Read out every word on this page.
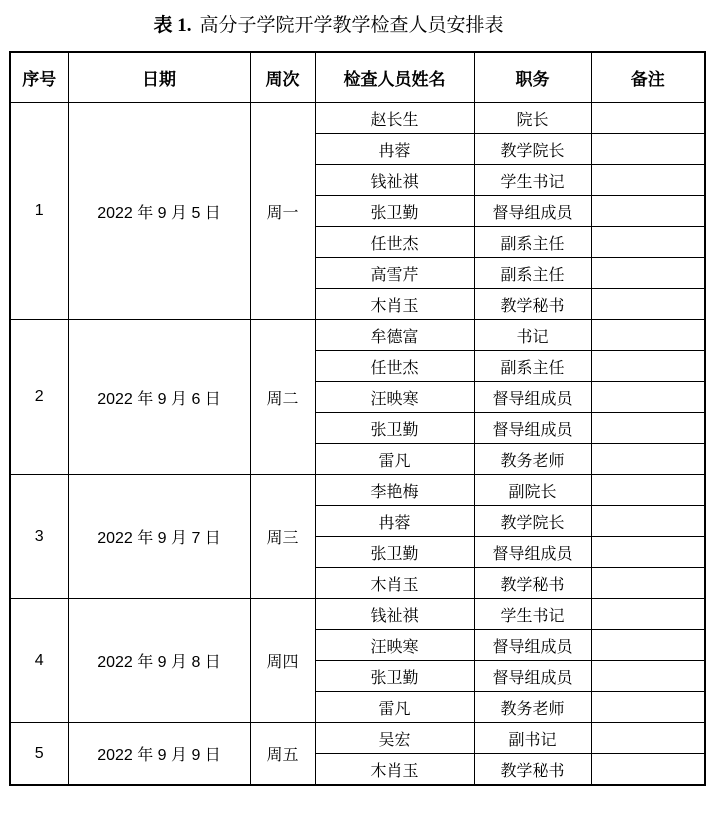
表 1. 高分子学院开学教学检查人员安排表
序号	日期	周次	检查人员姓名	职务	备注
1	2022 年 9 月 5 日	周一	赵长生	院长	
			冉蓉	教学院长	
			钱祉祺	学生书记	
			张卫勤	督导组成员	
			任世杰	副系主任	
			高雪芹	副系主任	
			木肖玉	教学秘书	
2	2022 年 9 月 6 日	周二	牟德富	书记	
			任世杰	副系主任	
			汪映寒	督导组成员	
			张卫勤	督导组成员	
			雷凡	教务老师	
3	2022 年 9 月 7 日	周三	李艳梅	副院长	
			冉蓉	教学院长	
			张卫勤	督导组成员	
			木肖玉	教学秘书	
4	2022 年 9 月 8 日	周四	钱祉祺	学生书记	
			汪映寒	督导组成员	
			张卫勤	督导组成员	
			雷凡	教务老师	
5	2022 年 9 月 9 日	周五	吴宏	副书记	
			木肖玉	教学秘书	
